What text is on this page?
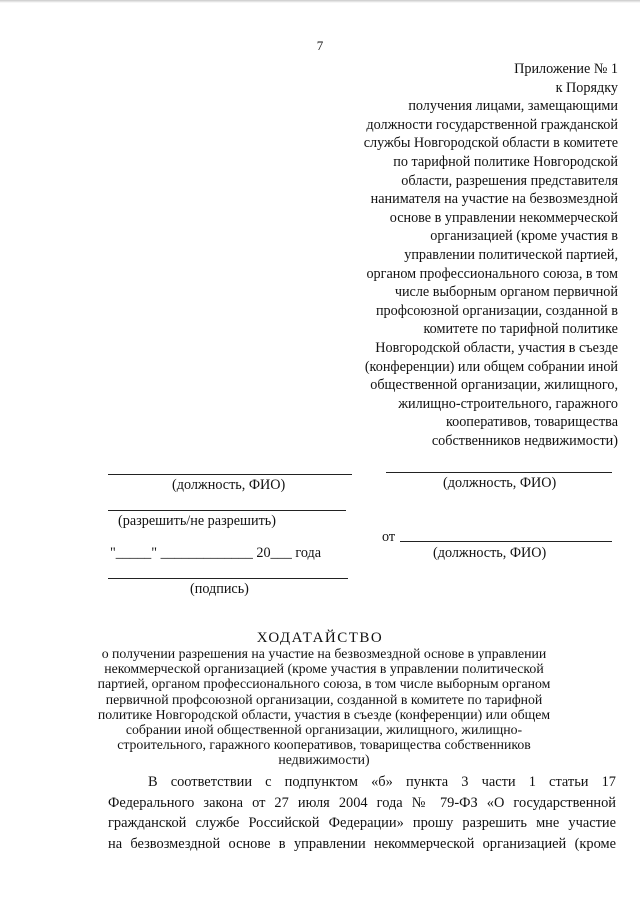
7
Приложение № 1
к Порядку
получения лицами, замещающими
должности государственной гражданской
службы Новгородской области в комитете
по тарифной политике Новгородской
области, разрешения представителя
нанимателя на участие на безвозмездной
основе в управлении некоммерческой
организацией (кроме участия в
управлении политической партией,
органом профессионального союза, в том
числе выборным органом первичной
профсоюзной организации, созданной в
комитете по тарифной политике
Новгородской области, участия в съезде
(конференции) или общем собрании иной
общественной организации, жилищного,
жилищно-строительного, гаражного
кооперативов, товарищества
собственников недвижимости)
(должность, ФИО)
(разрешить/не разрешить)
"_____" _____________ 20___ года
(подпись)
(должность, ФИО)
от
(должность, ФИО)
ХОДАТАЙСТВО
о получении разрешения на участие на безвозмездной основе в управлении
некоммерческой организацией (кроме участия в управлении политической
партией, органом профессионального союза, в том числе выборным органом
первичной профсоюзной организации, созданной в комитете по тарифной
политике Новгородской области, участия в съезде (конференции) или общем
собрании иной общественной организации, жилищного, жилищно-
строительного, гаражного кооперативов, товарищества собственников
недвижимости)
В соответствии с подпунктом «б» пункта 3 части 1 статьи 17
Федерального закона от 27 июля 2004 года № 79-ФЗ «О государственной
гражданской службе Российской Федерации» прошу разрешить мне участие
на безвозмездной основе в управлении некоммерческой организацией (кроме
